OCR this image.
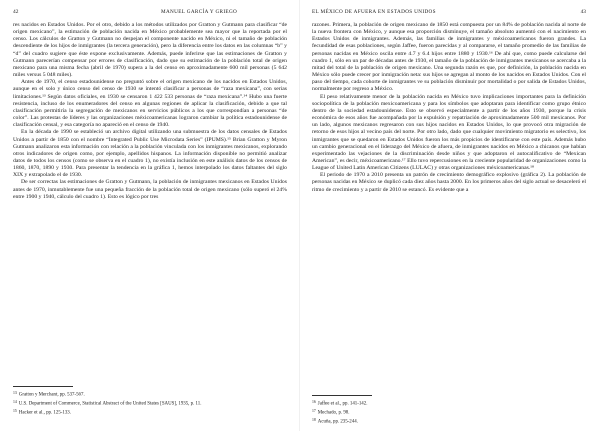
42	MANUEL GARCÍA Y GRIEGO

res nacidos en Estados Unidos. Por el otro, debido a los métodos utilizados por Gratton y Gutmann para clasificar “de origen mexicano”, la estimación de población nacida en México probablemente sea mayor que la reportada por el censo. Los cálculos de Gratton y Gutmann no despejan el componente nacido en México, ni el tamaño de población descendiente de los hijos de inmigrantes (la tercera generación), pero la diferencia entre los datos en las columnas “b” y “d” del cuadro sugiere que éste expone exclusivamente. Además, puede inferirse que las estimaciones de Gratton y Gutmann parecerían compensar por errores de clasificación, dado que su estimación de la población total de origen mexicano para una misma fecha (abril de 1970) supera a la del censo en aproximadamente 600 mil personas (5 642 miles versus 5 048 miles).

Antes de 1970, el censo estadounidense no preguntó sobre el origen mexicano de los nacidos en Estados Unidos, aunque en el solo y único censo del censo de 1930 se intentó clasificar a personas de “raza mexicana”, con serias limitaciones.¹³ Según datos oficiales, en 1930 se censaron 1 422 533 personas de “raza mexicana”.¹⁴ Hubo una fuerte resistencia, incluso de los enumeradores del censo en algunas regiones de aplicar la clasificación, debido a que tal clasificación permitiría la segregación de mexicanos en servicios públicos a los que correspondían a personas “de color”. Las protestas de líderes y las organizaciones méxicoamericanas lograron cambiar la política estadounidense de clasificación censal, y esa categoría no apareció en el censo de 1940.

En la década de 1990 se estableció un archivo digital utilizando una submuestra de los datos censales de Estados Unidos a partir de 1850 con el nombre “Integrated Public Use Microdata Series” (IPUMS).¹⁵ Brian Gratton y Myron Gutmann analizaron esta información con relación a la población vinculada con los inmigrantes mexicanos, explorando otros indicadores de origen como, por ejemplo, apellidos hispanos. La información disponible no permitió analizar datos de todos los censos (como se observa en el cuadro 1), no existía inclusión en este análisis datos de los censos de 1860, 1870, 1890 y 1930. Para presentar la tendencia en la gráfica 1, hemos interpolado los datos faltantes del siglo XIX y extrapolado el de 1930.

De ser correctas las estimaciones de Gratton y Gutmann, la población de inmigrantes mexicanos en Estados Unidos antes de 1970, inmutablemente fue una pequeña fracción de la población total de origen mexicano (sólo superó el 24% entre 1900 y 1940, cálculo del cuadro 1). Esto es lógico por tres

$^{13}$ Gratton y Merchant, pp. 537-567.
$^{14}$ U.S. Department of Commerce, Statistical Abstract of the United States [SAUS], 1935, p. 11.
$^{15}$ Hacker et al., pp. 125-133.
EL MÉXICO DE AFUERA EN ESTADOS UNIDOS	43

razones. Primera, la población de origen mexicano de 1850 está compuesta por un 84% de población nacida al norte de la nueva frontera con México, y aunque esa proporción disminuye, el tamaño absoluto aumentó con el nacimiento en Estados Unidos de inmigrantes. Además, las familias de inmigrantes y méxicoamericanos fueron grandes. La fecundidad de esas poblaciones, según Jaffee, fueron parecidas y al compararse, el tamaño promedio de las familias de personas nacidas en México oscila entre 4.7 y 6.4 hijos entre 1880 y 1930.¹⁶ De ahí que, como puede calcularse del cuadro 1, sólo en un par de décadas antes de 1930, el tamaño de la población de inmigrantes mexicanos se acercaba a la mitad del total de la población de origen mexicano. Una segunda razón es que, por definición, la población nacida en México sólo puede crecer por inmigración neta: sus hijos se agregan al monto de los nacidos en Estados Unidos. Con el paso del tiempo, cada cohorte de inmigrantes ve su población disminuir por mortalidad o por salida de Estados Unidos, normalmente por regreso a México.

El peso relativamente menor de la población nacida en México tuvo implicaciones importantes para la definición sociopolítica de la población mexicoamericana y para los símbolos que adoptaran para identificar como grupo étnico dentro de la sociedad estadounidense. Esto se observó especialmente a partir de los años 1930, porque la crisis económica de esos años fue acompañada por la expulsión y repatriación de aproximadamente 500 mil mexicanos. Por un lado, algunos mexicanos regresaron con sus hijos nacidos en Estados Unidos, lo que provocó otra migración de retorno de esos hijos al vecino país del norte. Por otro lado, dado que cualquier movimiento migratorio es selectivo, los inmigrantes que se quedaron en Estados Unidos fueron los más propicios de identificarse con este país. Además hubo un cambio generacional en el liderazgo del México de afuera, de inmigrantes nacidos en México a chicanos que habían experimentado las vejaciones de la discriminación desde niños y que adoptaron el autocalificativo de “Mexican American”, es decir, méxicoamericano.¹⁷ Ello tuvo repercusiones en la creciente popularidad de organizaciones como la League of United Latin American Citizens (LULAC) y otras organizaciones méxicoamericanas.¹⁸

El periodo de 1970 a 2010 presenta un patrón de crecimiento demográfico explosivo (gráfica 2). La población de personas nacidas en México se duplicó cada diez años hasta 2000. En los primeros años del siglo actual se desaceleró el ritmo de crecimiento y a partir de 2010 se estancó. Es evidente que a

$^{16}$ Jaffee et al., pp. 141-142.
$^{17}$ Mechado, p. 98.
$^{18}$ Acuña, pp. 235-244.
